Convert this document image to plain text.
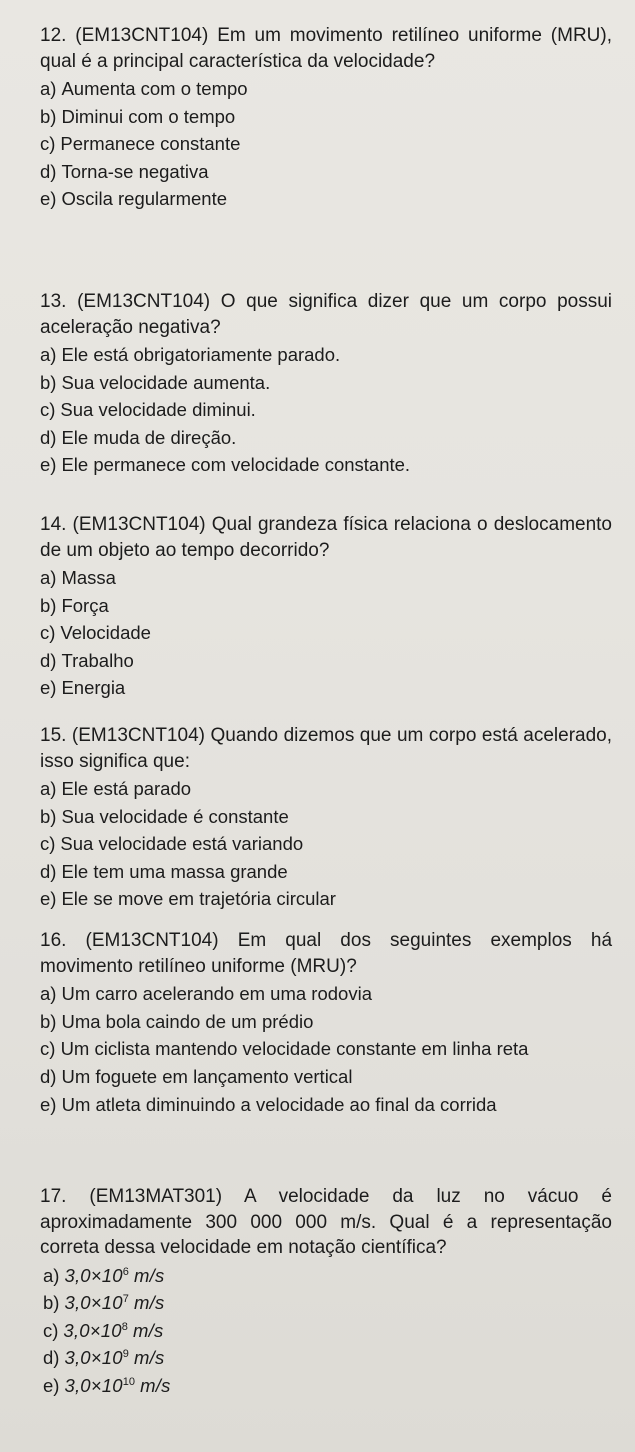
12. (EM13CNT104) Em um movimento retilíneo uniforme (MRU), qual é a principal característica da velocidade?

a) Aumenta com o tempo

b) Diminui com o tempo

c) Permanece constante

d) Torna-se negativa

e) Oscila regularmente

13. (EM13CNT104) O que significa dizer que um corpo possui aceleração negativa?

a) Ele está obrigatoriamente parado.

b) Sua velocidade aumenta.

c) Sua velocidade diminui.

d) Ele muda de direção.

e) Ele permanece com velocidade constante.

14. (EM13CNT104) Qual grandeza física relaciona o deslocamento de um objeto ao tempo decorrido?

a) Massa

b) Força

c) Velocidade

d) Trabalho

e) Energia

15. (EM13CNT104) Quando dizemos que um corpo está acelerado, isso significa que:

a) Ele está parado

b) Sua velocidade é constante

c) Sua velocidade está variando

d) Ele tem uma massa grande

e) Ele se move em trajetória circular

16. (EM13CNT104) Em qual dos seguintes exemplos há movimento retilíneo uniforme (MRU)?

a) Um carro acelerando em uma rodovia

b) Uma bola caindo de um prédio

c) Um ciclista mantendo velocidade constante em linha reta

d) Um foguete em lançamento vertical

e) Um atleta diminuindo a velocidade ao final da corrida

17. (EM13MAT301) A velocidade da luz no vácuo é aproximadamente 300 000 000 m/s. Qual é a representação correta dessa velocidade em notação científica?

a) $3,0\times 10^6$ m/s

b) $3,0\times 10^7$ m/s

c) $3,0\times 10^8$ m/s

d) $3,0\times 10^9$ m/s

e) $3,0\times 10^{10}$ m/s
